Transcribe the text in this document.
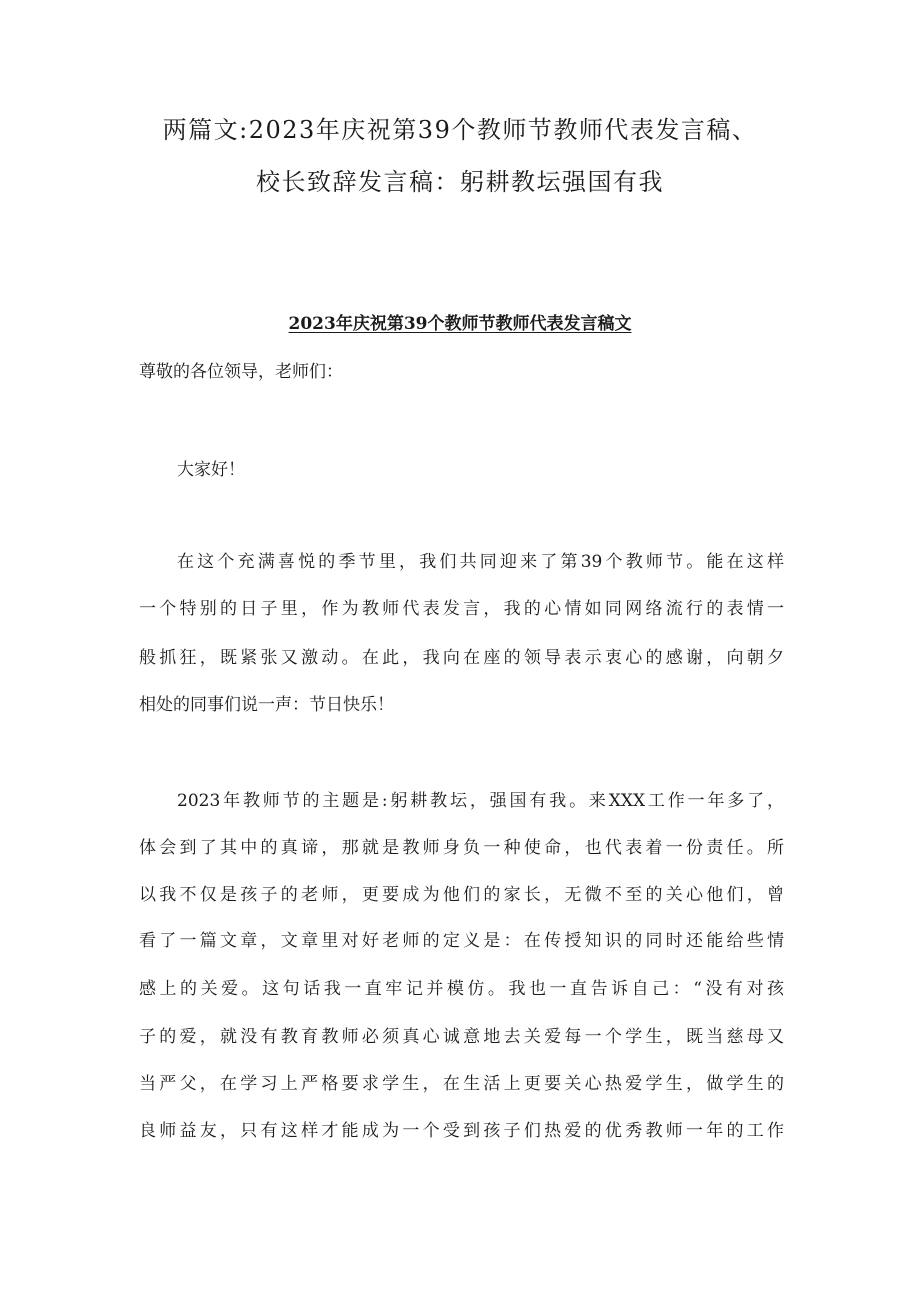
两篇文:2023年庆祝第39个教师节教师代表发言稿、
校长致辞发言稿：躬耕教坛强国有我
2023年庆祝第39个教师节教师代表发言稿文

尊敬的各位领导，老师们：

大家好！

在这个充满喜悦的季节里，我们共同迎来了第39个教师节。能在这样
一个特别的日子里，作为教师代表发言，我的心情如同网络流行的表情一
般抓狂，既紧张又激动。在此，我向在座的领导表示衷心的感谢，向朝夕
相处的同事们说一声：节日快乐！
2023年教师节的主题是:躬耕教坛，强国有我。来XXX工作一年多了，
体会到了其中的真谛，那就是教师身负一种使命，也代表着一份责任。所
以我不仅是孩子的老师，更要成为他们的家长，无微不至的关心他们，曾
看了一篇文章，文章里对好老师的定义是：在传授知识的同时还能给些情
感上的关爱。这句话我一直牢记并模仿。我也一直告诉自己：“没有对孩
子的爱，就没有教育教师必须真心诚意地去关爱每一个学生，既当慈母又
当严父，在学习上严格要求学生，在生活上更要关心热爱学生，做学生的
良师益友，只有这样才能成为一个受到孩子们热爱的优秀教师一年的工作
